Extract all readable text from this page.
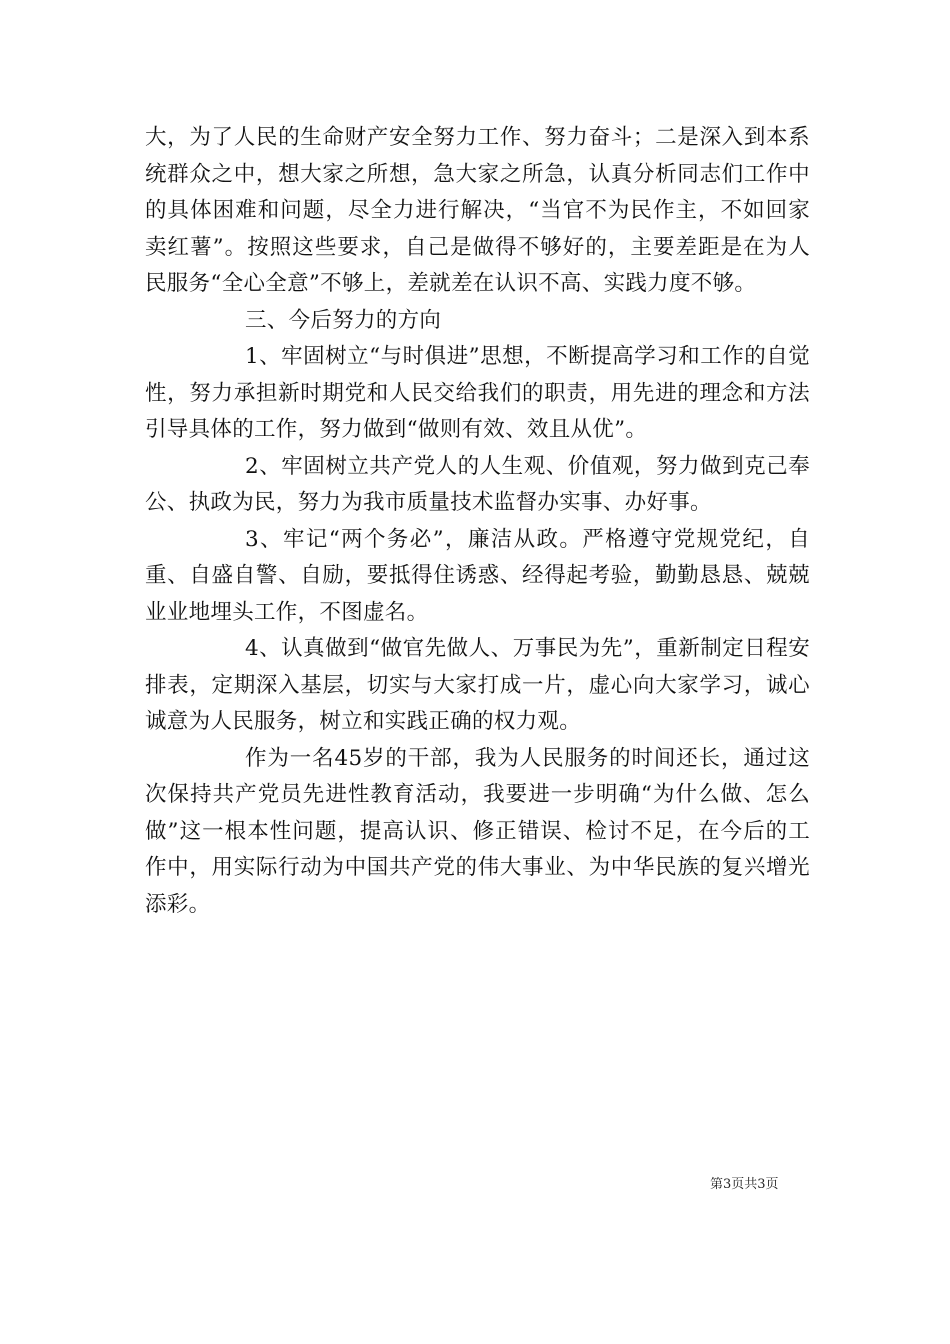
大，为了人民的生命财产安全努力工作、努力奋斗；二是深入到本系统群众之中，想大家之所想，急大家之所急，认真分析同志们工作中的具体困难和问题，尽全力进行解决，“当官不为民作主，不如回家卖红薯”。按照这些要求，自己是做得不够好的，主要差距是在为人民服务“全心全意”不够上，差就差在认识不高、实践力度不够。

三、今后努力的方向

1、牢固树立“与时俱进”思想，不断提高学习和工作的自觉性，努力承担新时期党和人民交给我们的职责，用先进的理念和方法引导具体的工作，努力做到“做则有效、效且从优”。

2、牢固树立共产党人的人生观、价值观，努力做到克己奉公、执政为民，努力为我市质量技术监督办实事、办好事。

3、牢记“两个务必”，廉洁从政。严格遵守党规党纪，自重、自盛自警、自励，要抵得住诱惑、经得起考验，勤勤恳恳、兢兢业业地埋头工作，不图虚名。

4、认真做到“做官先做人、万事民为先”，重新制定日程安排表，定期深入基层，切实与大家打成一片，虚心向大家学习，诚心诚意为人民服务，树立和实践正确的权力观。

作为一名45岁的干部，我为人民服务的时间还长，通过这次保持共产党员先进性教育活动，我要进一步明确“为什么做、怎么做”这一根本性问题，提高认识、修正错误、检讨不足，在今后的工作中，用实际行动为中国共产党的伟大事业、为中华民族的复兴增光添彩。

第3页共3页
